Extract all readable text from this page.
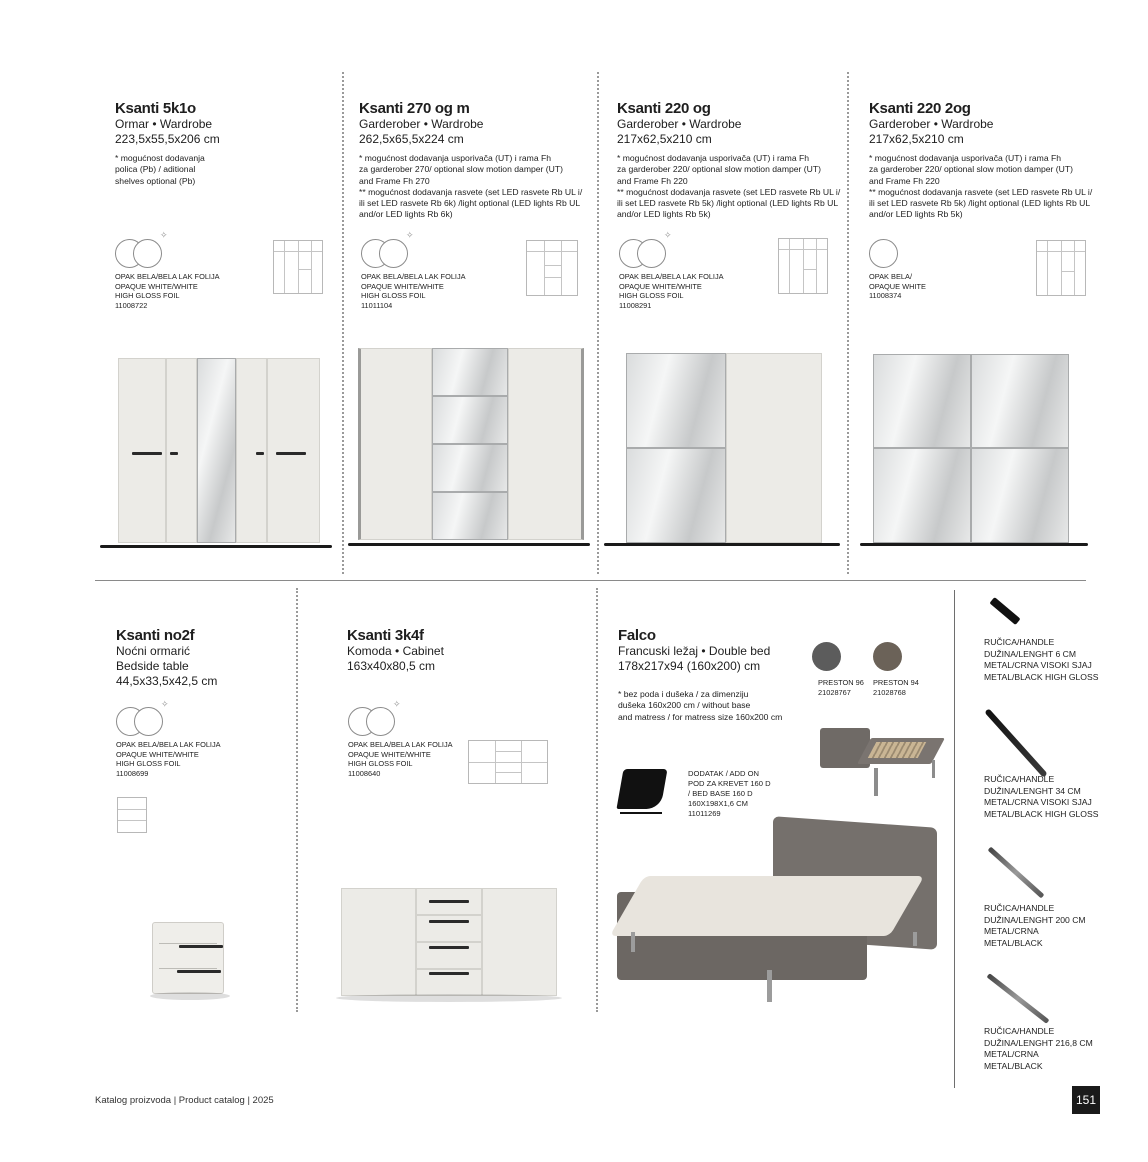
Ksanti 5k1o
Ormar • Wardrobe
223,5x55,5x206 cm
* mogućnost dodavanja
polica (Pb) / aditional
shelves optional (Pb)
✧
OPAK BELA/BELA LAK FOLIJA
OPAQUE WHITE/WHITE
HIGH GLOSS FOIL
11008722
Ksanti 270 og m
Garderober • Wardrobe
262,5x65,5x224 cm
* mogućnost dodavanja usporivača (UT) i rama Fh
za garderober 270/ optional slow motion damper (UT)
and Frame Fh 270
** mogućnost dodavanja rasvete (set LED rasvete Rb UL i/
ili set LED rasvete Rb 6k) /light optional (LED lights Rb UL
and/or LED lights Rb 6k)
✧
OPAK BELA/BELA LAK FOLIJA
OPAQUE WHITE/WHITE
HIGH GLOSS FOIL
11011104
Ksanti 220 og
Garderober • Wardrobe
217x62,5x210 cm
* mogućnost dodavanja usporivača (UT) i rama Fh
za garderober 220/ optional slow motion damper (UT)
and Frame Fh 220
** mogućnost dodavanja rasvete (set LED rasvete Rb UL i/
ili set LED rasvete Rb 5k) /light optional (LED lights Rb UL
and/or LED lights Rb 5k)
✧
OPAK BELA/BELA LAK FOLIJA
OPAQUE WHITE/WHITE
HIGH GLOSS FOIL
11008291
Ksanti 220 2og
Garderober • Wardrobe
217x62,5x210 cm
* mogućnost dodavanja usporivača (UT) i rama Fh
za garderober 220/ optional slow motion damper (UT)
and Frame Fh 220
** mogućnost dodavanja rasvete (set LED rasvete Rb UL i/
ili set LED rasvete Rb 5k) /light optional (LED lights Rb UL
and/or LED lights Rb 5k)
OPAK BELA/
OPAQUE WHITE
11008374
Ksanti no2f
Noćni ormarić
Bedside table
44,5x33,5x42,5 cm
✧
OPAK BELA/BELA LAK FOLIJA
OPAQUE WHITE/WHITE
HIGH GLOSS FOIL
11008699
Ksanti 3k4f
Komoda • Cabinet
163x40x80,5 cm
✧
OPAK BELA/BELA LAK FOLIJA
OPAQUE WHITE/WHITE
HIGH GLOSS FOIL
11008640
Falco
Francuski ležaj • Double bed
178x217x94 (160x200) cm
* bez poda i dušeka / za dimenziju
dušeka 160x200 cm / without base
and matress / for matress size 160x200 cm
PRESTON 96
21028767
PRESTON 94
21028768
DODATAK / ADD ON
POD ZA KREVET 160 D
/ BED BASE 160 D
160X198X1,6 CM
11011269
RUČICA/HANDLE
DUŽINA/LENGHT 6 CM
METAL/CRNA VISOKI SJAJ
METAL/BLACK HIGH GLOSS
RUČICA/HANDLE
DUŽINA/LENGHT 34 CM
METAL/CRNA VISOKI SJAJ
METAL/BLACK HIGH GLOSS
RUČICA/HANDLE
DUŽINA/LENGHT 200 CM
METAL/CRNA
METAL/BLACK
RUČICA/HANDLE
DUŽINA/LENGHT 216,8 CM
METAL/CRNA
METAL/BLACK
Katalog proizvoda | Product catalog | 2025	151
